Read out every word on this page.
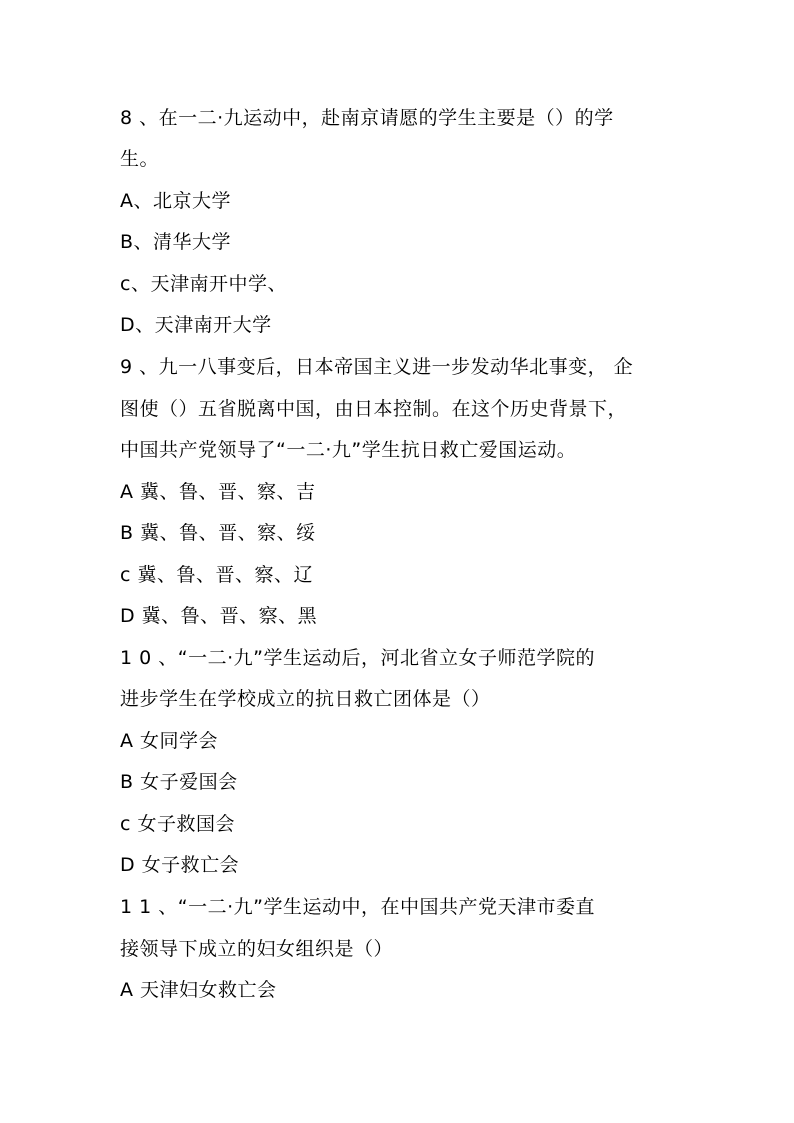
8 、在一二·九运动中，赴南京请愿的学生主要是（）的学
生。
A、北京大学
B、清华大学
c、天津南开中学、
D、天津南开大学
9 、九一八事变后，日本帝国主义进一步发动华北事变， 企
图使（）五省脱离中国，由日本控制。在这个历史背景下，
中国共产党领导了“一二·九”学生抗日救亡爱国运动。
A 冀、鲁、晋、察、吉
B 冀、鲁、晋、察、绥
c 冀、鲁、晋、察、辽
D 冀、鲁、晋、察、黑
1 0 、“一二·九”学生运动后，河北省立女子师范学院的
进步学生在学校成立的抗日救亡团体是（）
A 女同学会
B 女子爱国会
c 女子救国会
D 女子救亡会
1 1 、“一二·九”学生运动中，在中国共产党天津市委直
接领导下成立的妇女组织是（）
A 天津妇女救亡会
